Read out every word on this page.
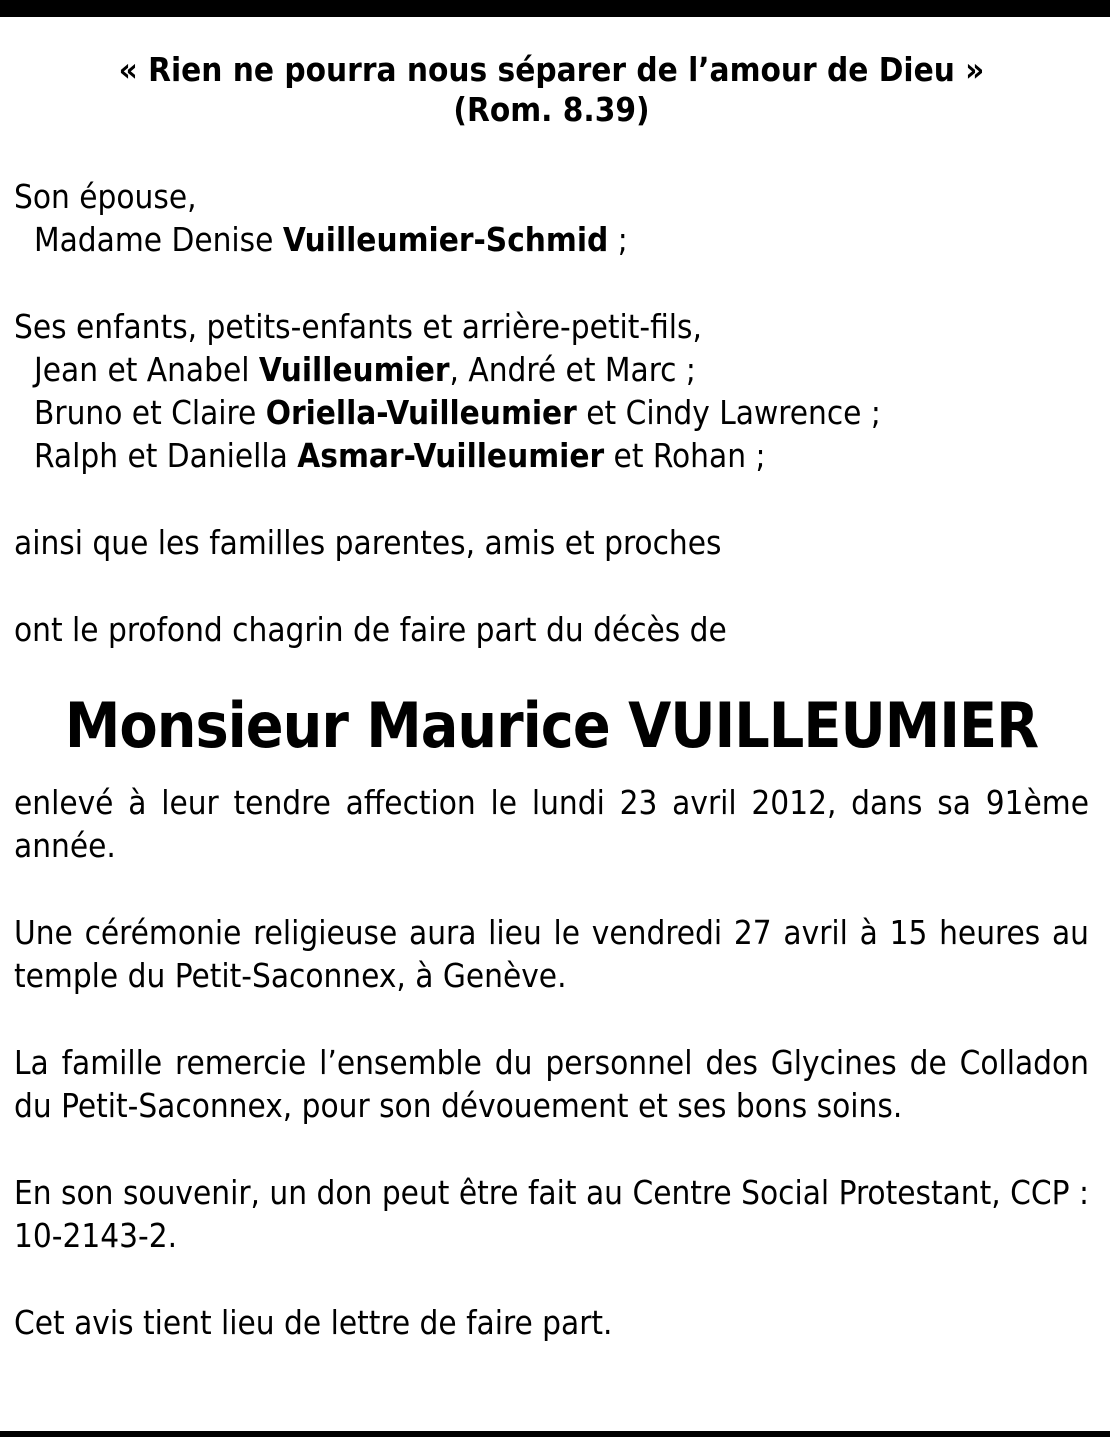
« Rien ne pourra nous séparer de l’amour de Dieu »
(Rom. 8.39)

Son épouse,
Madame Denise Vuilleumier-Schmid ;

Ses enfants, petits-enfants et arrière-petit-fils,
Jean et Anabel Vuilleumier, André et Marc ;
Bruno et Claire Oriella-Vuilleumier et Cindy Lawrence ;
Ralph et Daniella Asmar-Vuilleumier et Rohan ;

ainsi que les familles parentes, amis et proches

ont le profond chagrin de faire part du décès de

Monsieur Maurice VUILLEUMIER

enlevé à leur tendre affection le lundi 23 avril 2012, dans sa 91ème année.

Une cérémonie religieuse aura lieu le vendredi 27 avril à 15 heures au temple du Petit-Saconnex, à Genève.

La famille remercie l’ensemble du personnel des Glycines de Colladon du Petit-Saconnex, pour son dévouement et ses bons soins.

En son souvenir, un don peut être fait au Centre Social Protestant, CCP : 10-2143-2.

Cet avis tient lieu de lettre de faire part.
